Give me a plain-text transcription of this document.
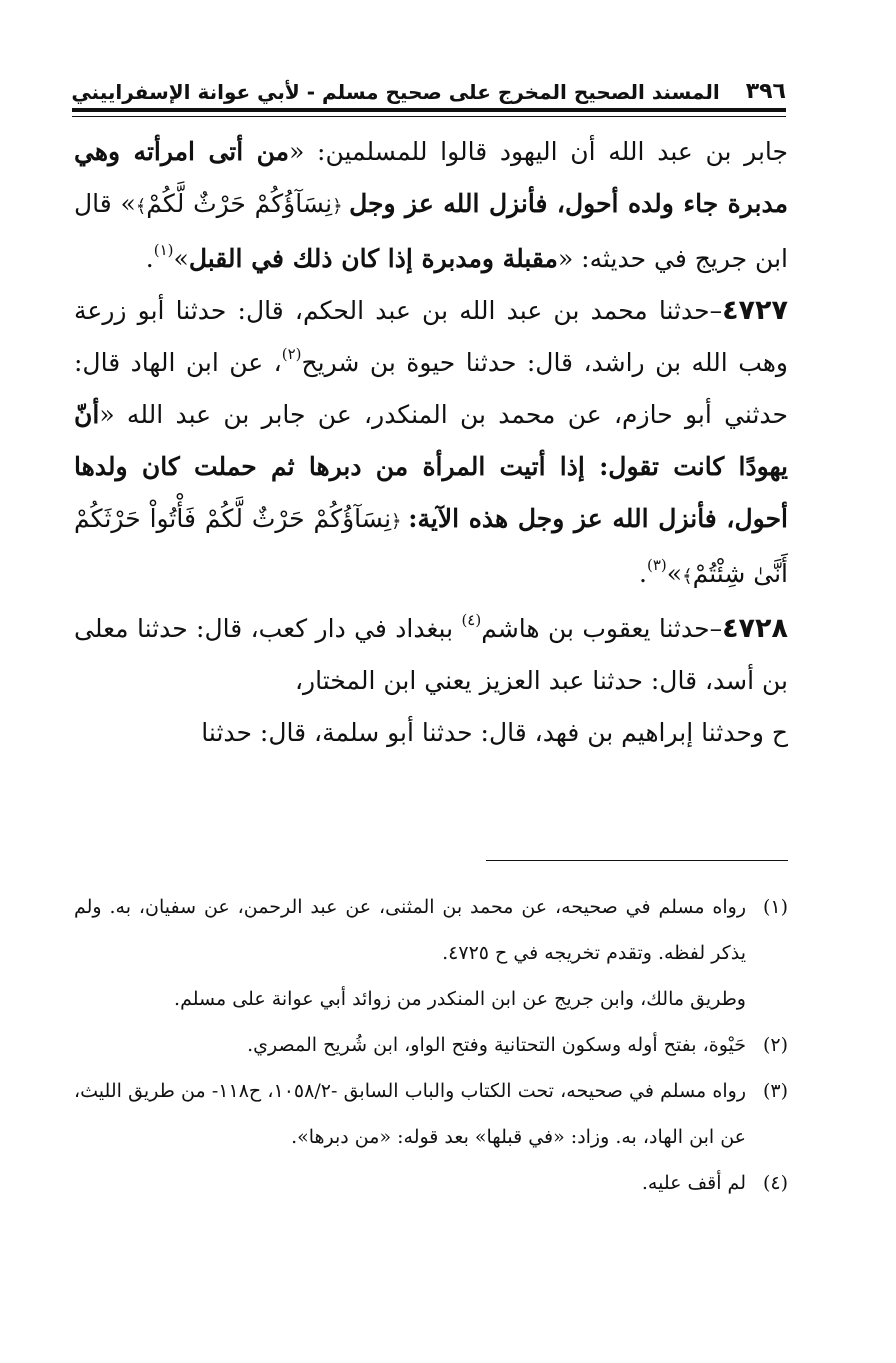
٣٩٦
المسند الصحيح المخرج على صحيح مسلم - لأبي عوانة الإسفراييني

جابر بن عبد الله أن اليهود قالوا للمسلمين: «من أتى امرأته وهي مدبرة جاء ولده أحول، فأنزل الله عز وجل ﴿نِسَآؤُكُمْ حَرْثٌ لَّكُمْ﴾» قال ابن جريج في حديثه: «مقبلة ومدبرة إذا كان ذلك في القبل»$^{(١)}$.

٤٧٢٧–حدثنا محمد بن عبد الله بن عبد الحكم، قال: حدثنا أبو زرعة وهب الله بن راشد، قال: حدثنا حيوة بن شريح$^{(٢)}$، عن ابن الهاد قال: حدثني أبو حازم، عن محمد بن المنكدر، عن جابر بن عبد الله «أنّ يهودًا كانت تقول: إذا أتيت المرأة من دبرها ثم حملت كان ولدها أحول، فأنزل الله عز وجل هذه الآية: ﴿نِسَآؤُكُمْ حَرْثٌ لَّكُمْ فَأْتُواْ حَرْثَكُمْ أَنَّىٰ شِئْتُمْ﴾»$^{(٣)}$.

٤٧٢٨–حدثنا يعقوب بن هاشم$^{(٤)}$ ببغداد في دار كعب، قال: حدثنا معلى بن أسد، قال: حدثنا عبد العزيز يعني ابن المختار،

ح وحدثنا إبراهيم بن فهد، قال: حدثنا أبو سلمة، قال: حدثنا

(١)رواه مسلم في صحيحه، عن محمد بن المثنى، عن عبد الرحمن، عن سفيان، به. ولم يذكر لفظه. وتقدم تخريجه في ح ٤٧٢٥.

وطريق مالك، وابن جريج عن ابن المنكدر من زوائد أبي عوانة على مسلم.

(٢)حَيْوة، بفتح أوله وسكون التحتانية وفتح الواو، ابن شُريح المصري.

(٣)رواه مسلم في صحيحه، تحت الكتاب والباب السابق -١٠٥٨/٢، ح١١٨- من طريق الليث، عن ابن الهاد، به. وزاد: «في قبلها» بعد قوله: «من دبرها».

(٤)لم أقف عليه.
